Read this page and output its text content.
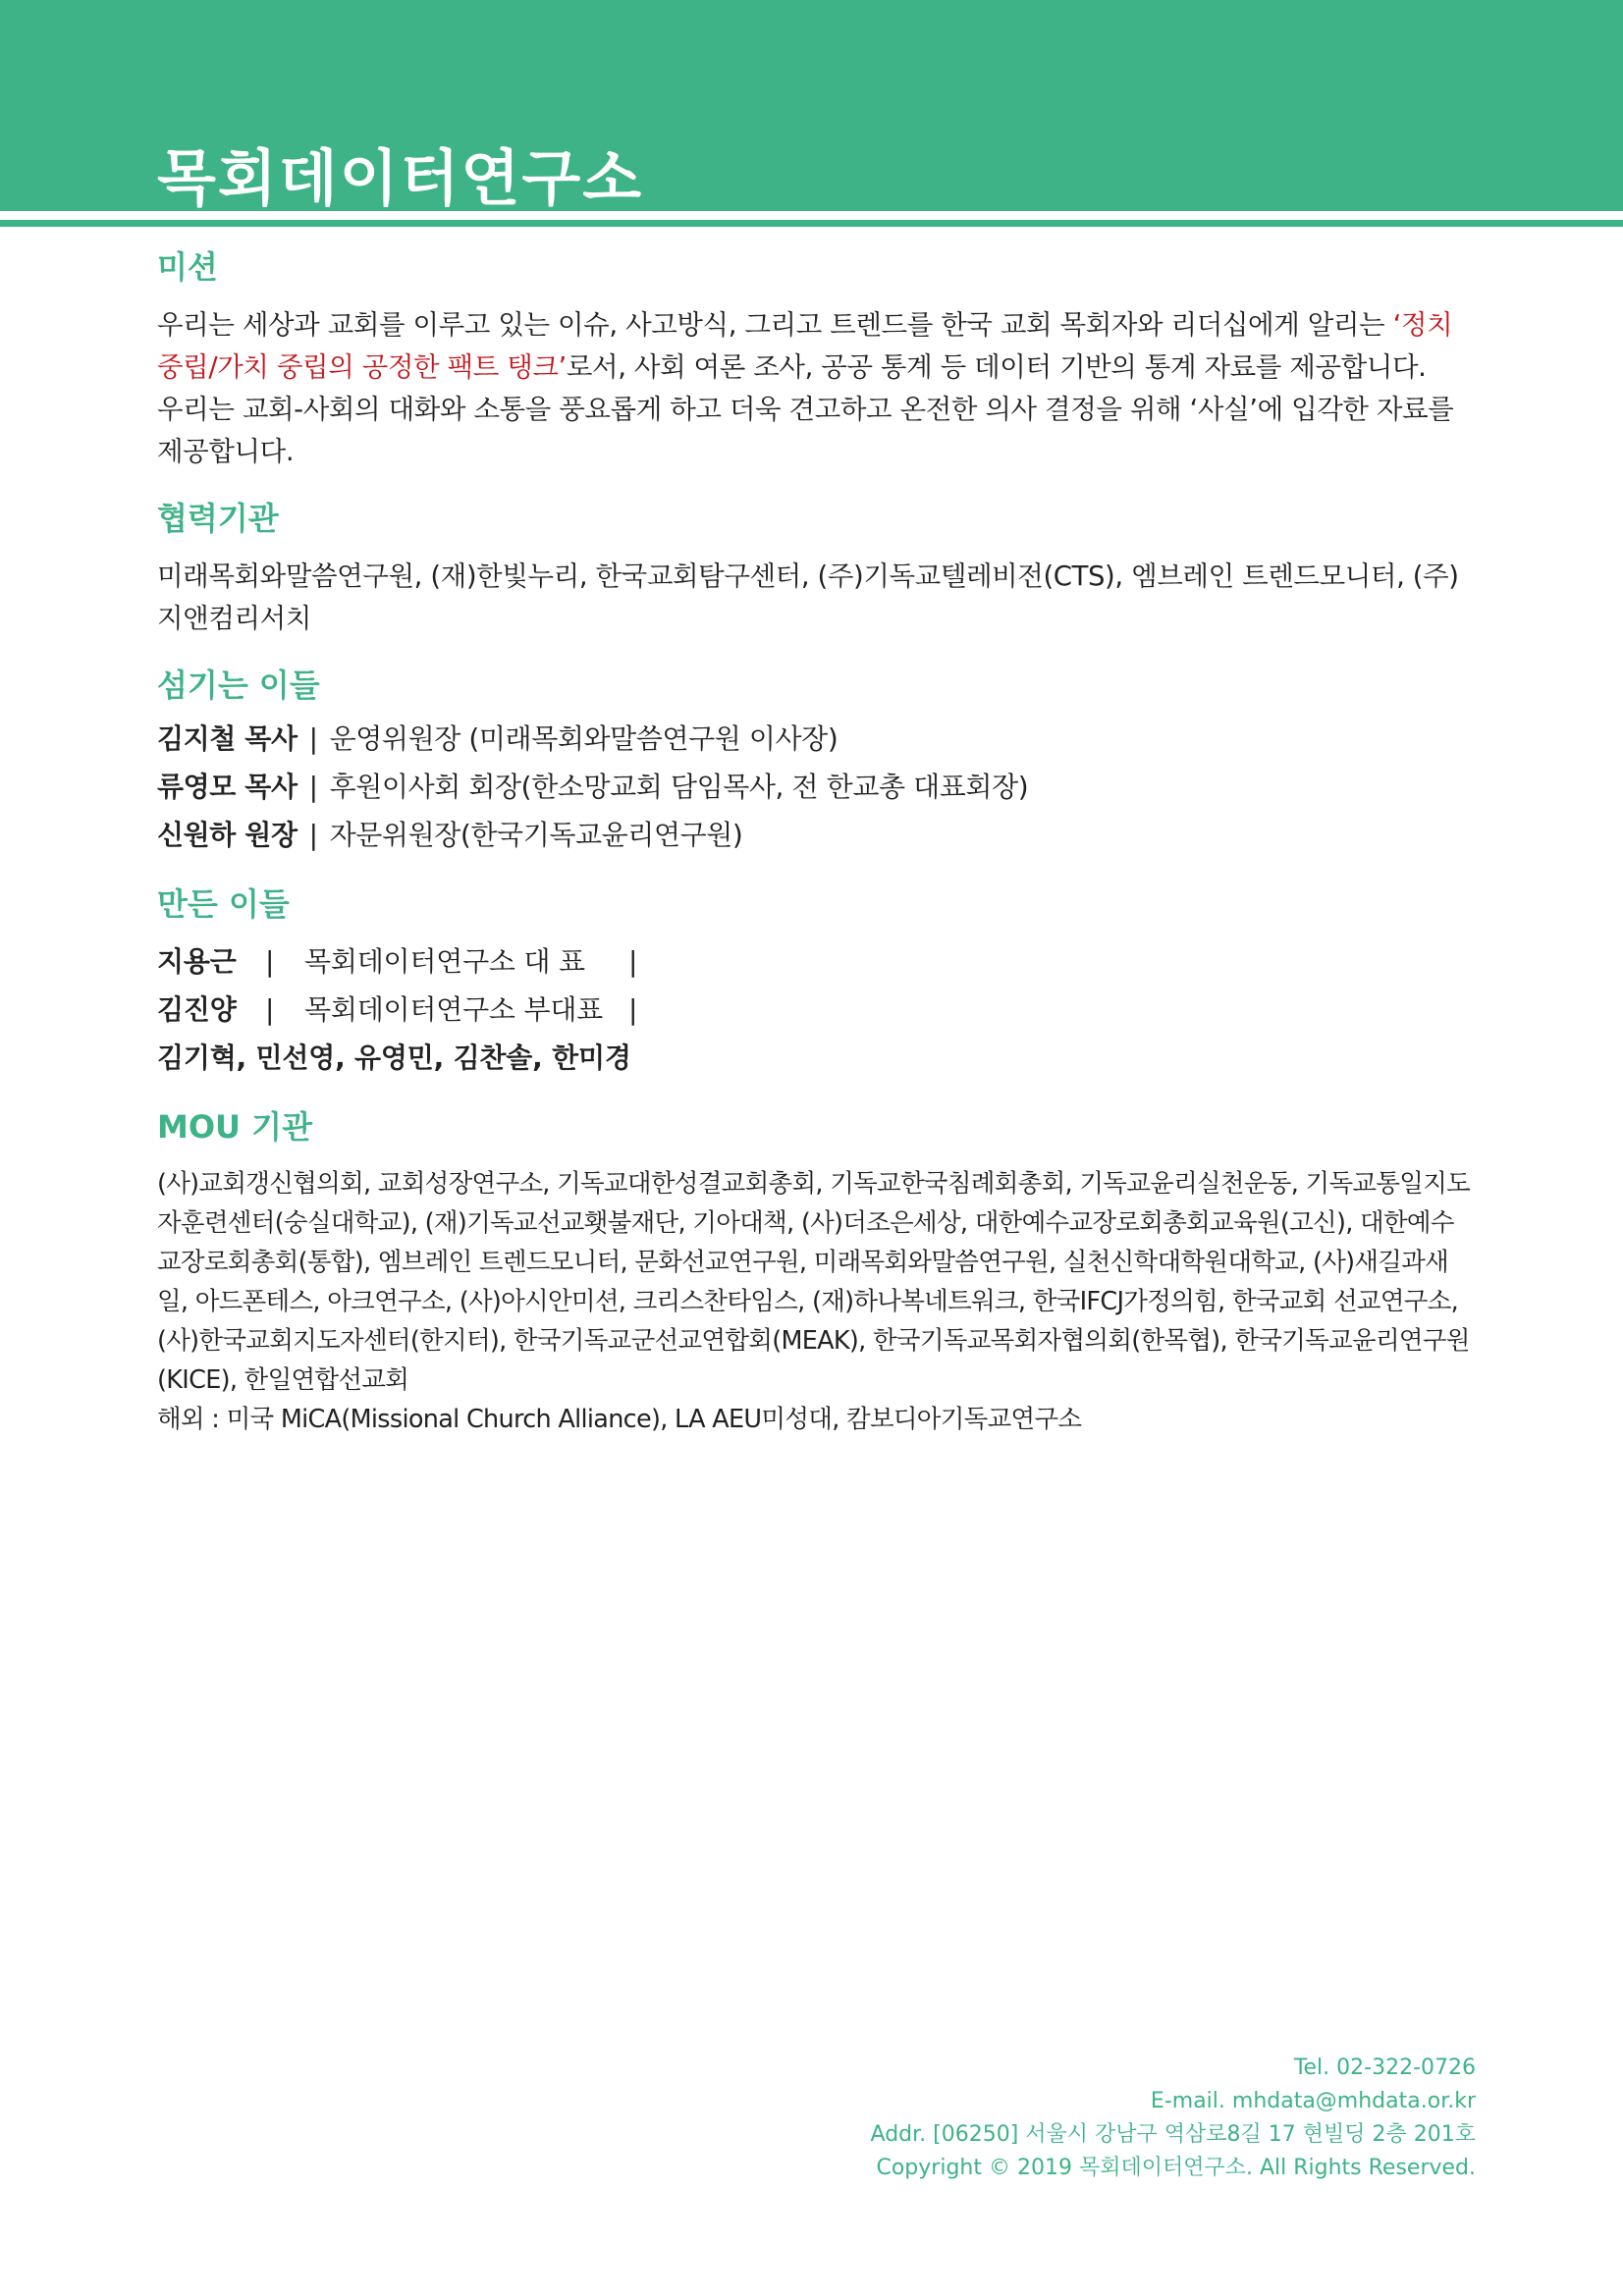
목회데이터연구소
미션

우리는 세상과 교회를 이루고 있는 이슈, 사고방식, 그리고 트렌드를 한국 교회 목회자와 리더십에게 알리는 ‘정치 중립/가치 중립의 공정한 팩트 탱크’로서, 사회 여론 조사, 공공 통계 등 데이터 기반의 통계 자료를 제공합니다.

우리는 교회-사회의 대화와 소통을 풍요롭게 하고 더욱 견고하고 온전한 의사 결정을 위해 ‘사실’에 입각한 자료를 제공합니다.

협력기관

미래목회와말씀연구원, (재)한빛누리, 한국교회탐구센터, (주)기독교텔레비전(CTS), 엠브레인 트렌드모니터, (주)지앤컴리서치

섬기는 이들
김지철 목사 | 운영위원장 (미래목회와말씀연구원 이사장)
류영모 목사 | 후원이사회 회장(한소망교회 담임목사, 전 한교총 대표회장)
신원하 원장 | 자문위원장(한국기독교윤리연구원)
만든 이들
지용근 | 목회데이터연구소 대 표 |
김진양 | 목회데이터연구소 부대표 |
김기혁, 민선영, 유영민, 김찬솔, 한미경
MOU 기관

(사)교회갱신협의회, 교회성장연구소, 기독교대한성결교회총회, 기독교한국침례회총회, 기독교윤리실천운동, 기독교통일지도자훈련센터(숭실대학교), (재)기독교선교횃불재단, 기아대책, (사)더조은세상, 대한예수교장로회총회교육원(고신), 대한예수교장로회총회(통합), 엠브레인 트렌드모니터, 문화선교연구원, 미래목회와말씀연구원, 실천신학대학원대학교, (사)새길과새일, 아드폰테스, 아크연구소, (사)아시안미션, 크리스찬타임스, (재)하나복네트워크, 한국IFCJ가정의힘, 한국교회 선교연구소, (사)한국교회지도자센터(한지터), 한국기독교군선교연합회(MEAK), 한국기독교목회자협의회(한목협), 한국기독교윤리연구원(KICE), 한일연합선교회

해외 : 미국 MiCA(Missional Church Alliance), LA AEU미성대, 캄보디아기독교연구소

Tel. 02-322-0726
E-mail. mhdata@mhdata.or.kr
Addr. [06250] 서울시 강남구 역삼로8길 17 현빌딩 2층 201호
Copyright © 2019 목회데이터연구소. All Rights Reserved.
